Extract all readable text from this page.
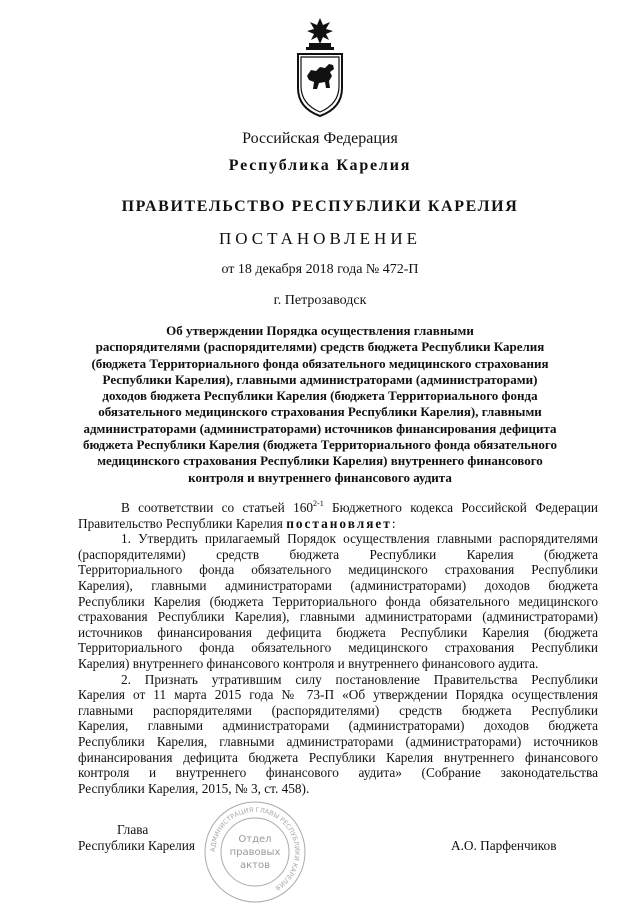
Российская Федерация
Республика Карелия
ПРАВИТЕЛЬСТВО РЕСПУБЛИКИ КАРЕЛИЯ
ПОСТАНОВЛЕНИЕ
от 18 декабря 2018 года № 472-П
г. Петрозаводск
Об утверждении Порядка осуществления главными
распорядителями (распорядителями) средств бюджета Республики Карелия
(бюджета Территориального фонда обязательного медицинского страхования
Республики Карелия), главными администраторами (администраторами)
доходов бюджета Республики Карелия (бюджета Территориального фонда
обязательного медицинского страхования Республики Карелия), главными
администраторами (администраторами) источников финансирования дефицита
бюджета Республики Карелия (бюджета Территориального фонда обязательного
медицинского страхования Республики Карелия) внутреннего финансового
контроля и внутреннего финансового аудита
В соответствии со статьей 160$^{2-1}$ Бюджетного кодекса Российской Федерации
Правительство Республики Карелия постановляет:
1. Утвердить прилагаемый Порядок осуществления главными распорядителями
(распорядителями) средств бюджета Республики Карелия (бюджета
Территориального фонда обязательного медицинского страхования Республики
Карелия), главными администраторами (администраторами) доходов бюджета
Республики Карелия (бюджета Территориального фонда обязательного медицинского
страхования Республики Карелия), главными администраторами (администраторами)
источников финансирования дефицита бюджета Республики Карелия (бюджета
Территориального фонда обязательного медицинского страхования Республики
Карелия) внутреннего финансового контроля и внутреннего финансового аудита.
2. Признать утратившим силу постановление Правительства Республики
Карелия от 11 марта 2015 года № 73-П «Об утверждении Порядка осуществления
главными распорядителями (распорядителями) средств бюджета Республики
Карелия, главными администраторами (администраторами) доходов бюджета
Республики Карелия, главными администраторами (администраторами) источников
финансирования дефицита бюджета Республики Карелия внутреннего финансового
контроля и внутреннего финансового аудита» (Собрание законодательства
Республики Карелия, 2015, № 3, ст. 458).
АДМИНИСТРАЦИЯ ГЛАВЫ РЕСПУБЛИКИ КАРЕЛИЯ
Отдел
правовых
актов
Глава
Республики Карелия	А.О. Парфенчиков
